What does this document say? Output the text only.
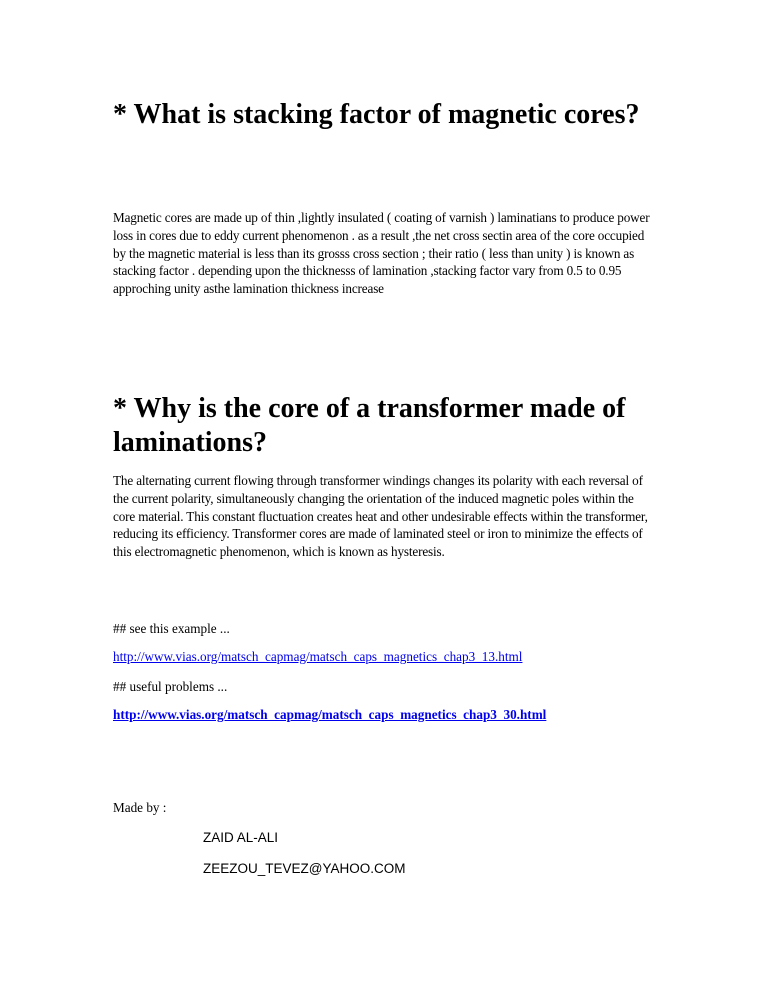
* What is stacking factor of magnetic cores?

Magnetic cores are made up of thin ,lightly insulated ( coating of varnish ) laminatians to produce power loss in cores due to eddy current phenomenon . as a result ,the net cross sectin area of the core occupied by the magnetic material is less than its grosss cross section ; their ratio ( less than unity ) is known as stacking factor . depending upon the thicknesss of lamination ,stacking factor vary from 0.5 to 0.95 approching unity asthe lamination thickness increase

* Why is the core of a transformer made of laminations?

The alternating current flowing through transformer windings changes its polarity with each reversal of the current polarity, simultaneously changing the orientation of the induced magnetic poles within the core material. This constant fluctuation creates heat and other undesirable effects within the transformer, reducing its efficiency. Transformer cores are made of laminated steel or iron to minimize the effects of this electromagnetic phenomenon, which is known as hysteresis.

## see this example ...

http://www.vias.org/matsch_capmag/matsch_caps_magnetics_chap3_13.html

## useful problems ...

http://www.vias.org/matsch_capmag/matsch_caps_magnetics_chap3_30.html

Made by :

ZAID AL-ALI

ZEEZOU_TEVEZ@YAHOO.COM
